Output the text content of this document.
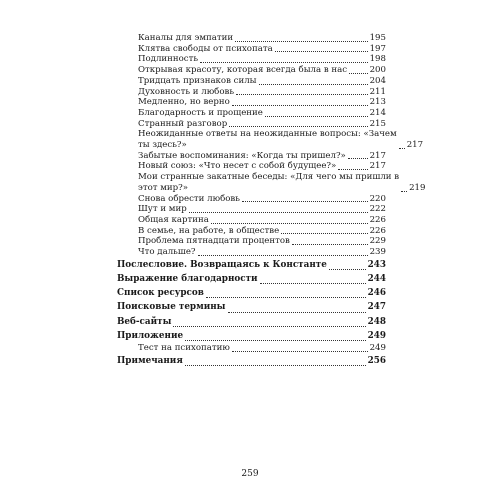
Каналы для эмпатии	195
Клятва свободы от психопата	197
Подлинность	198
Открывая красоту, которая всегда была в нас	200
Тридцать признаков силы	204
Духовность и любовь	211
Медленно, но верно	213
Благодарность и прощение	214
Странный разговор	215
Неожиданные ответы на неожиданные вопросы: «Зачем
ты здесь?»	217
Забытые воспоминания: «Когда ты пришел?»	217
Новый союз: «Что несет с собой будущее?»	217
Мои странные закатные беседы: «Для чего мы пришли в
этот мир?»	219
Снова обрести любовь	220
Шут и мир	222
Общая картина	226
В семье, на работе, в обществе	226
Проблема пятнадцати процентов	229
Что дальше?	239
Послесловие. Возвращаясь к Константе	243
Выражение благодарности	244
Список ресурсов	246
Поисковые термины	247
Веб-сайты	248
Приложение	249
Тест на психопатию	249
Примечания	256
259
